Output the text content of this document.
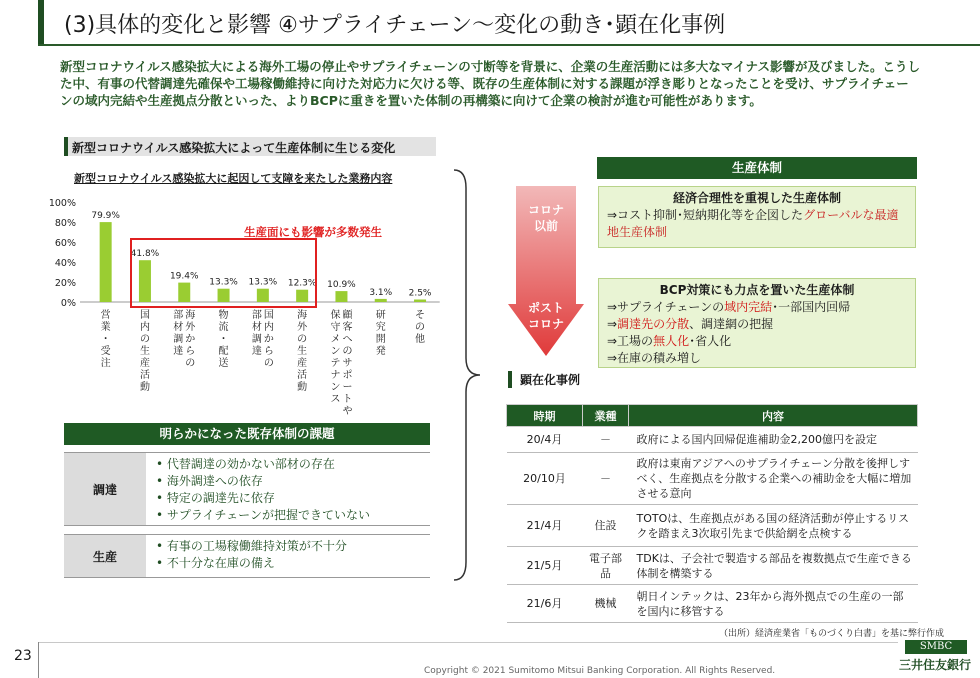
(3)具体的変化と影響 ④サプライチェーン～変化の動き･顕在化事例
新型コロナウイルス感染拡大による海外工場の停止やサプライチェーンの寸断等を背景に、企業の生産活動には多大なマイナス影響が及びました。こうした中、有事の代替調達先確保や工場稼働維持に向けた対応力に欠ける等、既存の生産体制に対する課題が浮き彫りとなったことを受け、サプライチェーンの域内完結や生産拠点分散といった、よりBCPに重きを置いた体制の再構築に向けて企業の検討が進む可能性があります。
新型コロナウイルス感染拡大によって生産体制に生じる変化
新型コロナウイルス感染拡大に起因して支障を来たした業務内容
0%
20%
40%
60%
80%
100%
79.9%
営業・受注
41.8%
国内の生産活動
19.4%
海外からの部材調達
13.3%
物流・配送
13.3%
国内からの部材調達
12.3%
海外の生産活動
10.9%
顧客へのサポートや保守メンテナンス
3.1%
研究開発
2.5%
その他
生産面にも影響が多数発生
明らかになった既存体制の課題
調達
• 代替調達の効かない部材の存在
• 海外調達への依存
• 特定の調達先に依存
• サプライチェーンが把握できていない
生産
• 有事の工場稼働維持対策が不十分
• 不十分な在庫の備え
生産体制
コロナ
以前
ポスト
コロナ
経済合理性を重視した生産体制
⇒コスト抑制･短納期化等を企図したグローバルな最適地生産体制
BCP対策にも力点を置いた生産体制
⇒サプライチェーンの域内完結･一部国内回帰
⇒調達先の分散、調達網の把握
⇒工場の無人化･省人化
⇒在庫の積み増し
顕在化事例
時期	業種	内容
20/4月	－	政府による国内回帰促進補助金2,200億円を設定
20/10月	－	政府は東南アジアへのサプライチェーン分散を後押しすべく、生産拠点を分散する企業への補助金を大幅に増加させる意向
21/4月	住設	TOTOは、生産拠点がある国の経済活動が停止するリスクを踏まえ3次取引先まで供給網を点検する
21/5月	電子部品	TDKは、子会社で製造する部品を複数拠点で生産できる体制を構築する
21/6月	機械	朝日インテックは、23年から海外拠点での生産の一部を国内に移管する
（出所）経済産業省「ものづくり白書」を基に弊行作成
23
Copyright © 2021 Sumitomo Mitsui Banking Corporation. All Rights Reserved.
SMBC
三井住友銀行
